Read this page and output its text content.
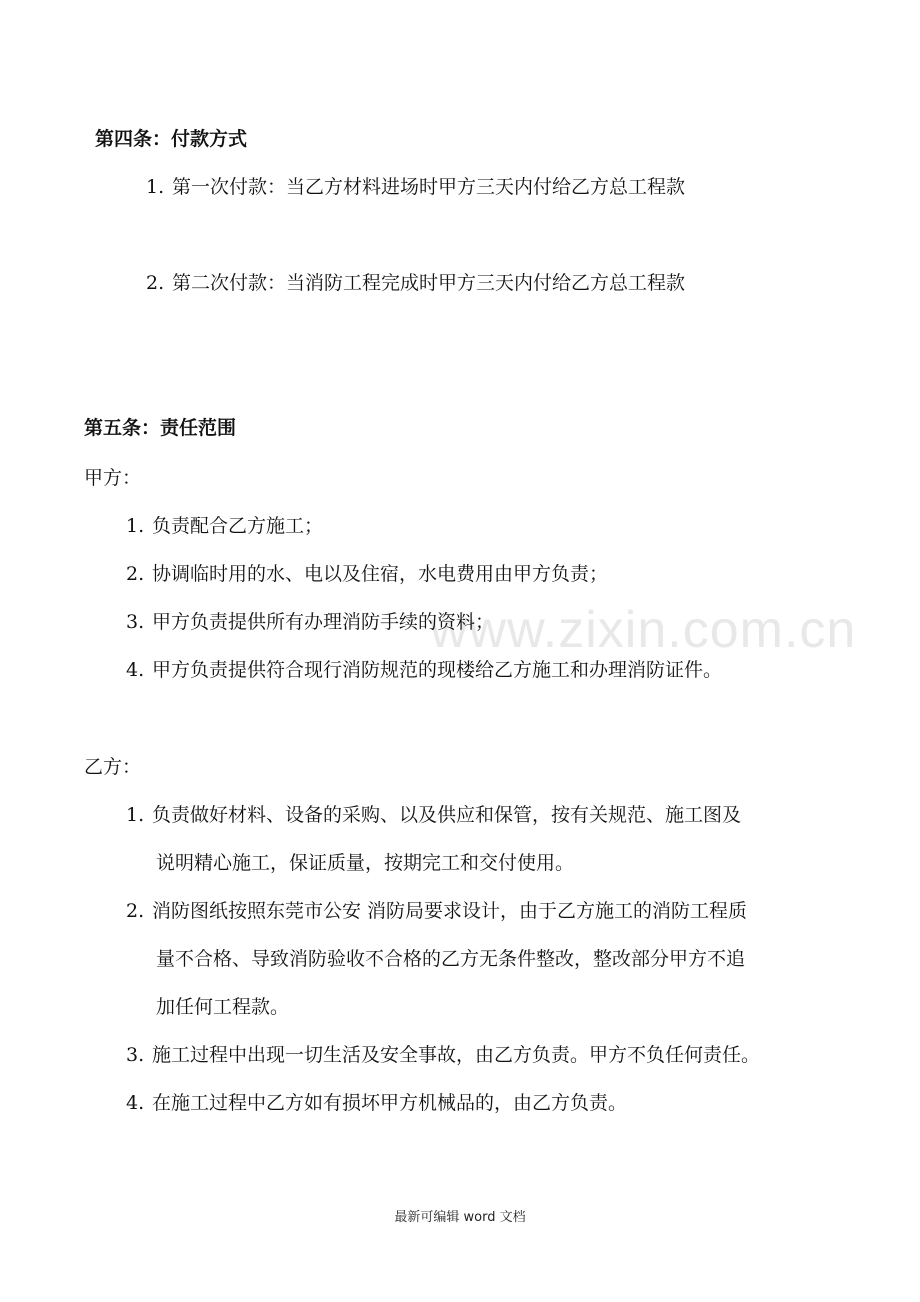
www.zixin.com.cn
第四条：付款方式
1. 第一次付款：当乙方材料进场时甲方三天内付给乙方总工程款
2. 第二次付款：当消防工程完成时甲方三天内付给乙方总工程款
第五条：责任范围
甲方：
1. 负责配合乙方施工；
2. 协调临时用的水、电以及住宿，水电费用由甲方负责；
3. 甲方负责提供所有办理消防手续的资料；
4. 甲方负责提供符合现行消防规范的现楼给乙方施工和办理消防证件。
乙方：
1. 负责做好材料、设备的采购、以及供应和保管，按有关规范、施工图及
说明精心施工，保证质量，按期完工和交付使用。
2. 消防图纸按照东莞市公安 消防局要求设计，由于乙方施工的消防工程质
量不合格、导致消防验收不合格的乙方无条件整改，整改部分甲方不追
加任何工程款。
3. 施工过程中出现一切生活及安全事故，由乙方负责。甲方不负任何责任。
4. 在施工过程中乙方如有损坏甲方机械品的，由乙方负责。
最新可编辑 word 文档
